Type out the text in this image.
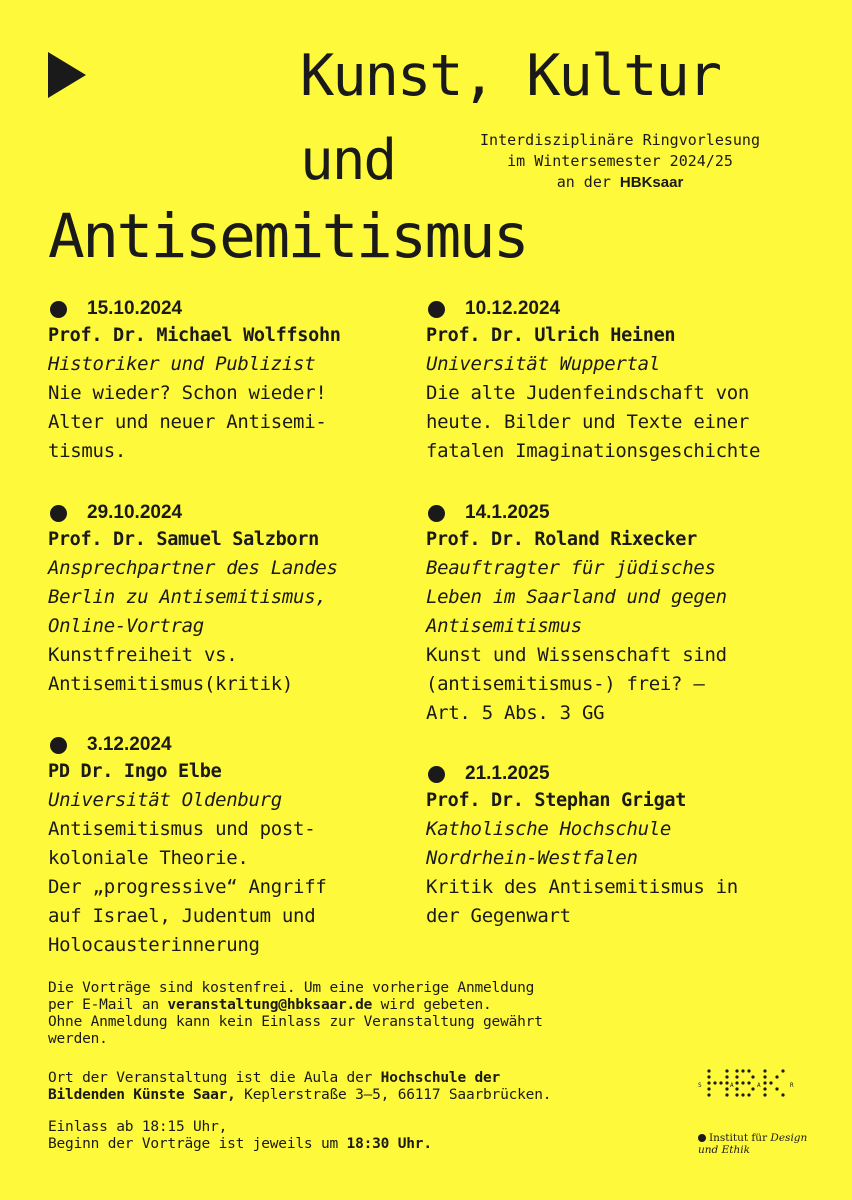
Kunst, Kultur
und
Antisemitismus
Interdisziplinäre Ringvorlesung
im Wintersemester 2024/25
an der HBKsaar
15.10.2024
Prof. Dr. Michael Wolffsohn
Historiker und Publizist
Nie wieder? Schon wieder!
Alter und neuer Antisemi-
tismus.
29.10.2024
Prof. Dr. Samuel Salzborn
Ansprechpartner des Landes
Berlin zu Antisemitismus,
Online-Vortrag
Kunstfreiheit vs.
Antisemitismus(kritik)
3.12.2024
PD Dr. Ingo Elbe
Universität Oldenburg
Antisemitismus und post-
koloniale Theorie.
Der „progressive“ Angriff
auf Israel, Judentum und
Holocausterinnerung
10.12.2024
Prof. Dr. Ulrich Heinen
Universität Wuppertal
Die alte Judenfeindschaft von
heute. Bilder und Texte einer
fatalen Imaginationsgeschichte
14.1.2025
Prof. Dr. Roland Rixecker
Beauftragter für jüdisches
Leben im Saarland und gegen
Antisemitismus
Kunst und Wissenschaft sind
(antisemitismus-) frei? —
Art. 5 Abs. 3 GG
21.1.2025
Prof. Dr. Stephan Grigat
Katholische Hochschule
Nordrhein-Westfalen
Kritik des Antisemitismus in
der Gegenwart
Die Vorträge sind kostenfrei. Um eine vorherige Anmeldung
per E-Mail an veranstaltung@hbksaar.de wird gebeten.
Ohne Anmeldung kann kein Einlass zur Veranstaltung gewährt
werden.
Ort der Veranstaltung ist die Aula der Hochschule der
Bildenden Künste Saar, Keplerstraße 3–5, 66117 Saarbrücken.
Einlass ab 18:15 Uhr,
Beginn der Vorträge ist jeweils um 18:30 Uhr.
S	A	A	R
Institut für Design
und Ethik
